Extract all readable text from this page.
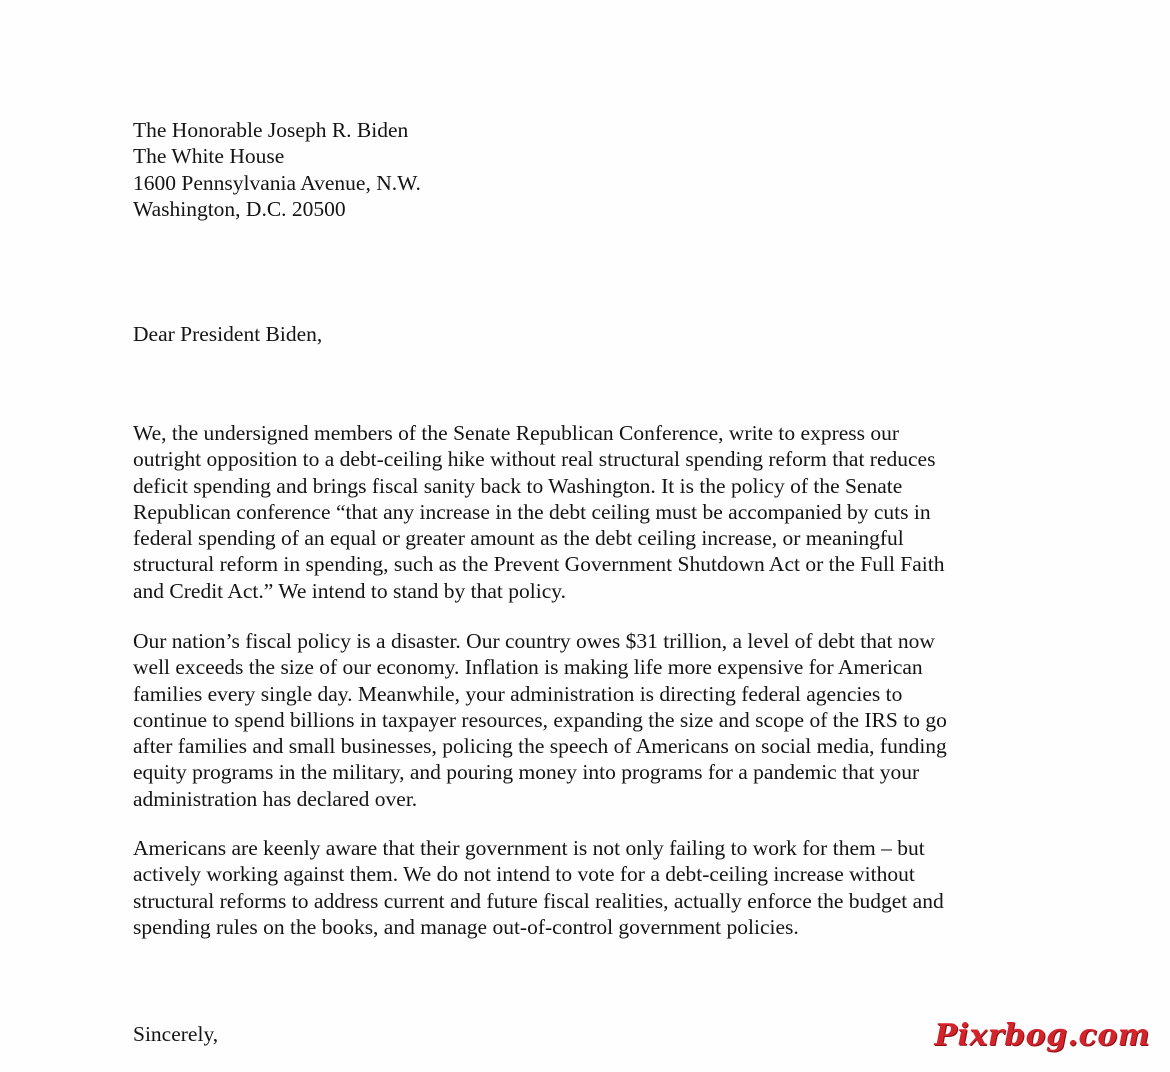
The Honorable Joseph R. Biden
The White House
1600 Pennsylvania Avenue, N.W.
Washington, D.C. 20500
Dear President Biden,
We, the undersigned members of the Senate Republican Conference, write to express our
outright opposition to a debt-ceiling hike without real structural spending reform that reduces
deficit spending and brings fiscal sanity back to Washington. It is the policy of the Senate
Republican conference “that any increase in the debt ceiling must be accompanied by cuts in
federal spending of an equal or greater amount as the debt ceiling increase, or meaningful
structural reform in spending, such as the Prevent Government Shutdown Act or the Full Faith
and Credit Act.” We intend to stand by that policy.
Our nation’s fiscal policy is a disaster. Our country owes $31 trillion, a level of debt that now
well exceeds the size of our economy. Inflation is making life more expensive for American
families every single day. Meanwhile, your administration is directing federal agencies to
continue to spend billions in taxpayer resources, expanding the size and scope of the IRS to go
after families and small businesses, policing the speech of Americans on social media, funding
equity programs in the military, and pouring money into programs for a pandemic that your
administration has declared over.
Americans are keenly aware that their government is not only failing to work for them – but
actively working against them. We do not intend to vote for a debt-ceiling increase without
structural reforms to address current and future fiscal realities, actually enforce the budget and
spending rules on the books, and manage out-of-control government policies.
Sincerely,	Pixrbog.com
